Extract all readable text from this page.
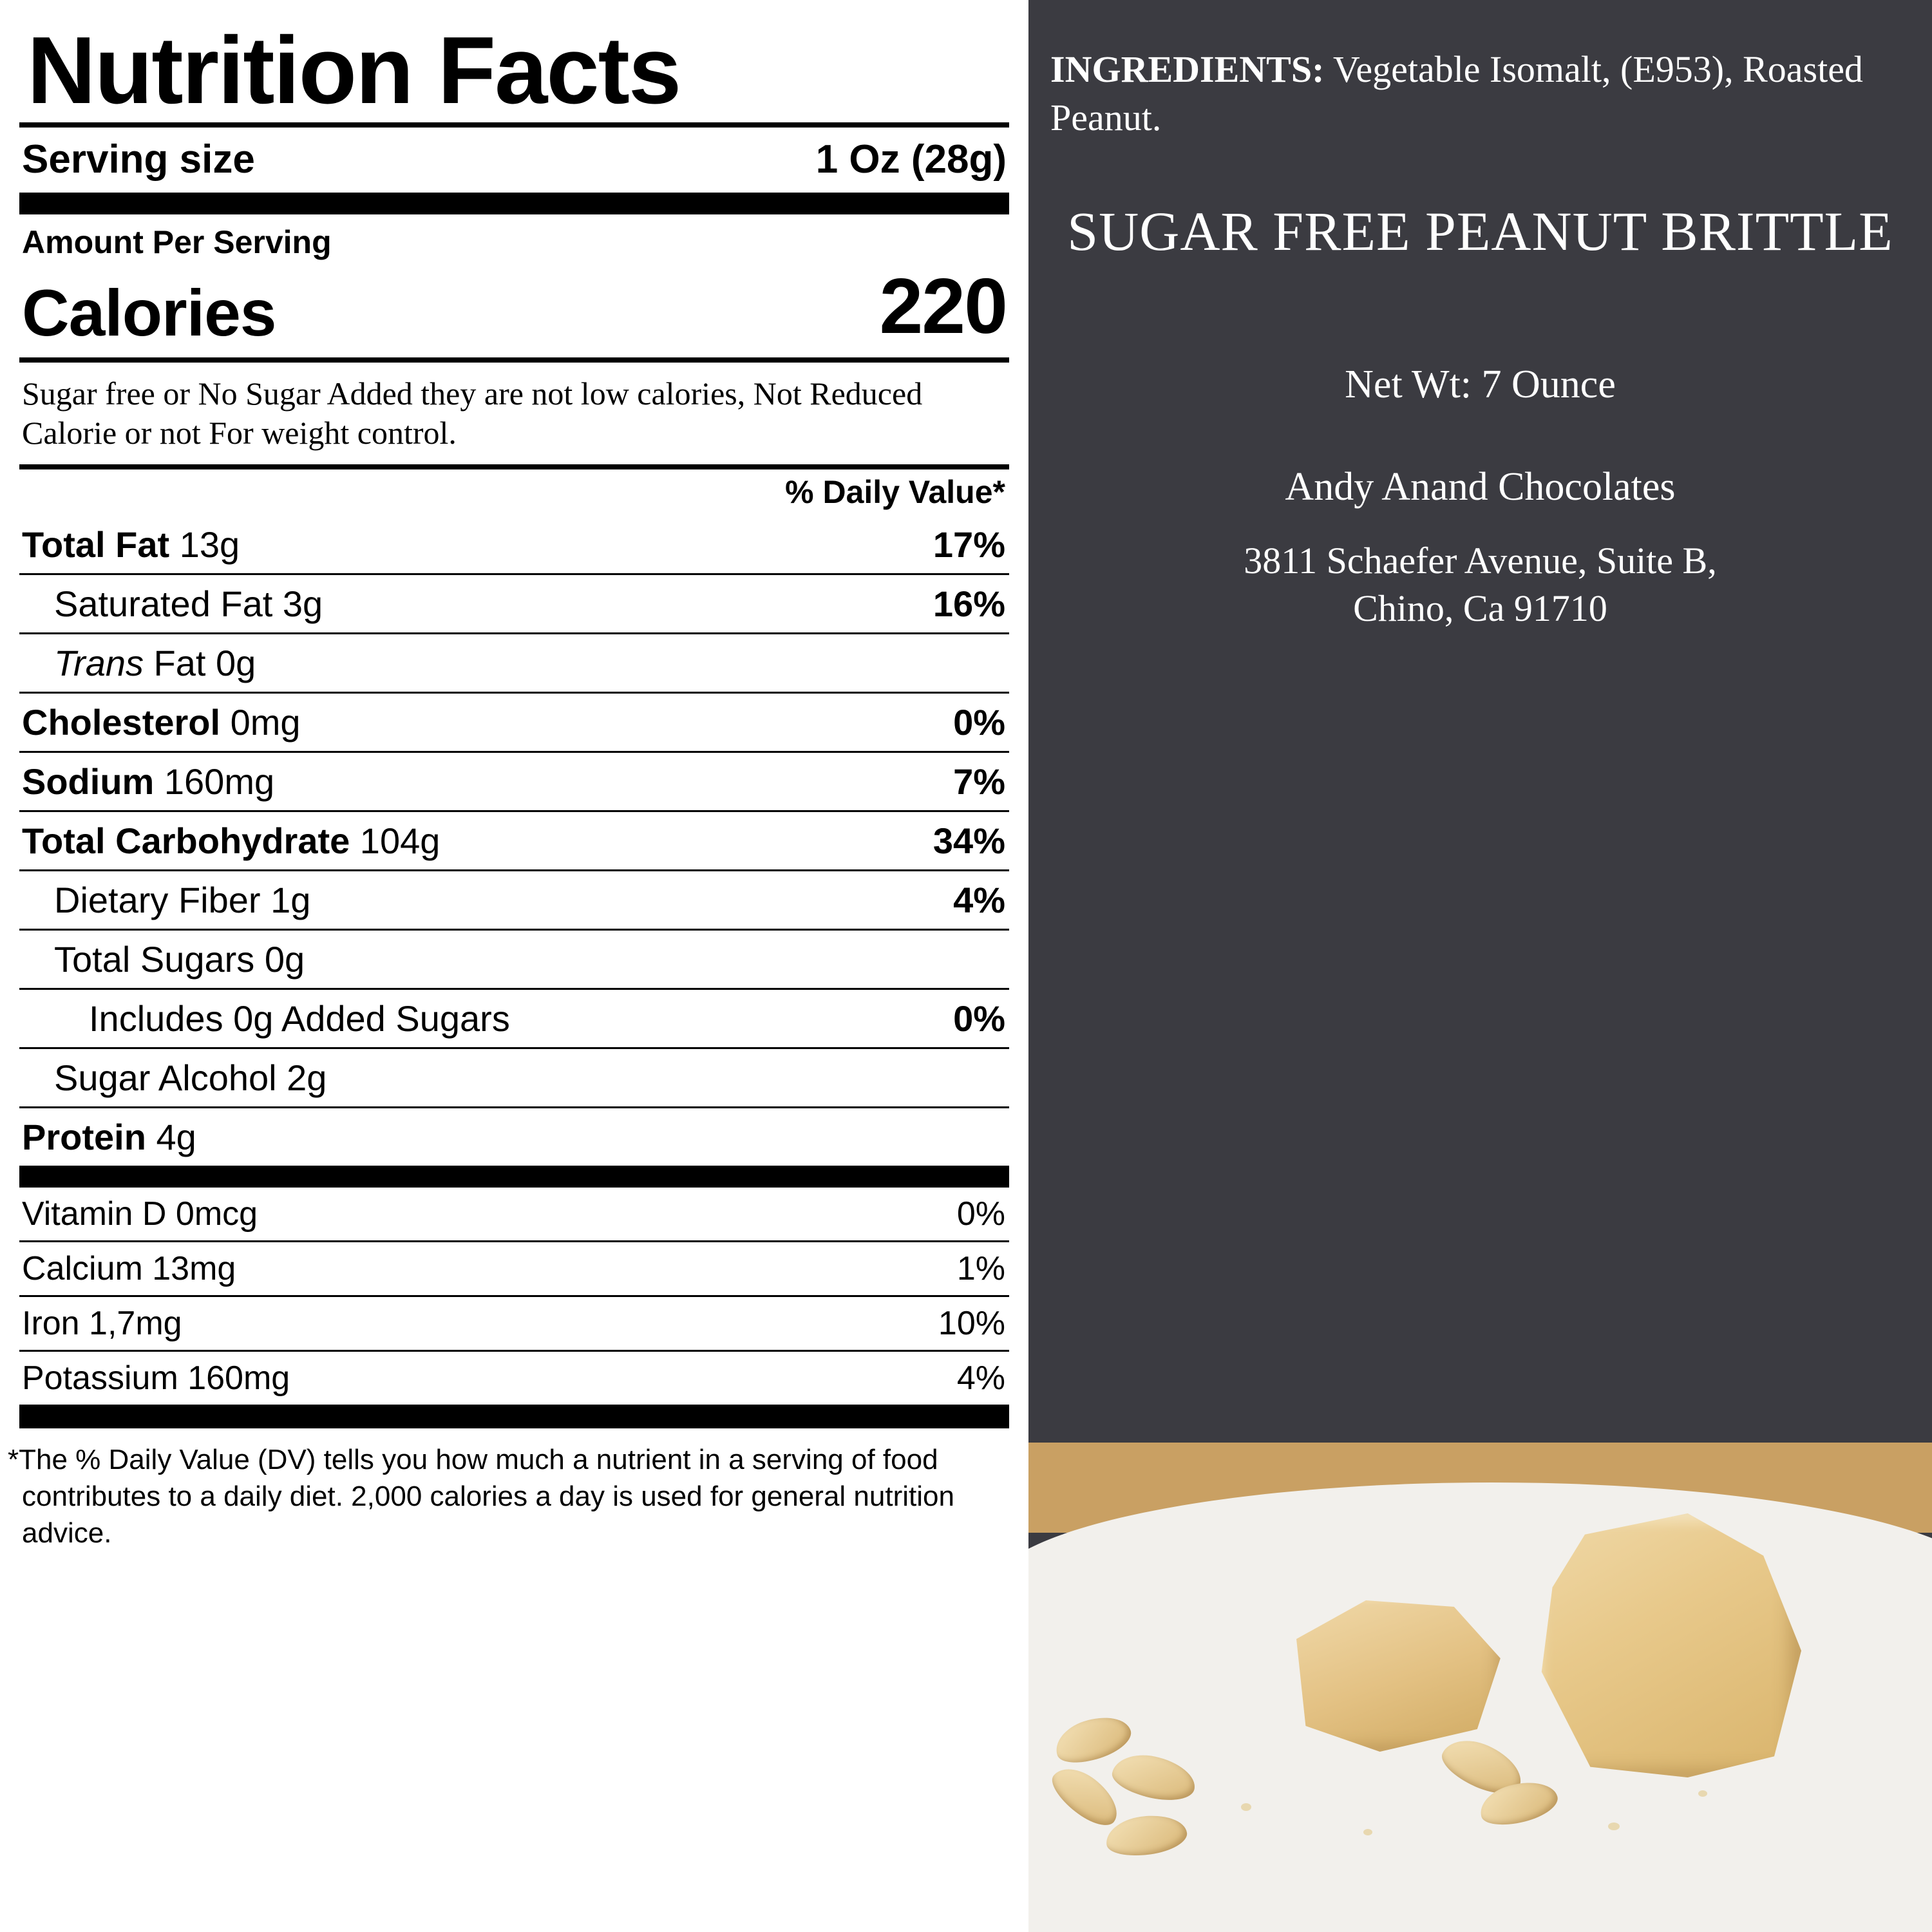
Nutrition Facts
Serving size	1 Oz (28g)
Amount Per Serving
Calories	220
Sugar free or No Sugar Added they are not low calories, Not Reduced Calorie or not For weight control.
% Daily Value*
Total Fat 13g	17%
Saturated Fat 3g	16%
Trans Fat 0g
Cholesterol 0mg	0%
Sodium 160mg	7%
Total Carbohydrate 104g	34%
Dietary Fiber 1g	4%
Total Sugars 0g
Includes 0g Added Sugars	0%
Sugar Alcohol 2g
Protein 4g
Vitamin D 0mcg	0%
Calcium 13mg	1%
Iron 1,7mg	10%
Potassium 160mg	4%
*The % Daily Value (DV) tells you how much a nutrient in a serving of food contributes to a daily diet. 2,000 calories a day is used for general nutrition advice.
INGREDIENTS: Vegetable Isomalt, (E953), Roasted Peanut.
SUGAR FREE PEANUT BRITTLE
Net Wt: 7 Ounce
Andy Anand Chocolates
3811 Schaefer Avenue, Suite B,
Chino, Ca 91710
